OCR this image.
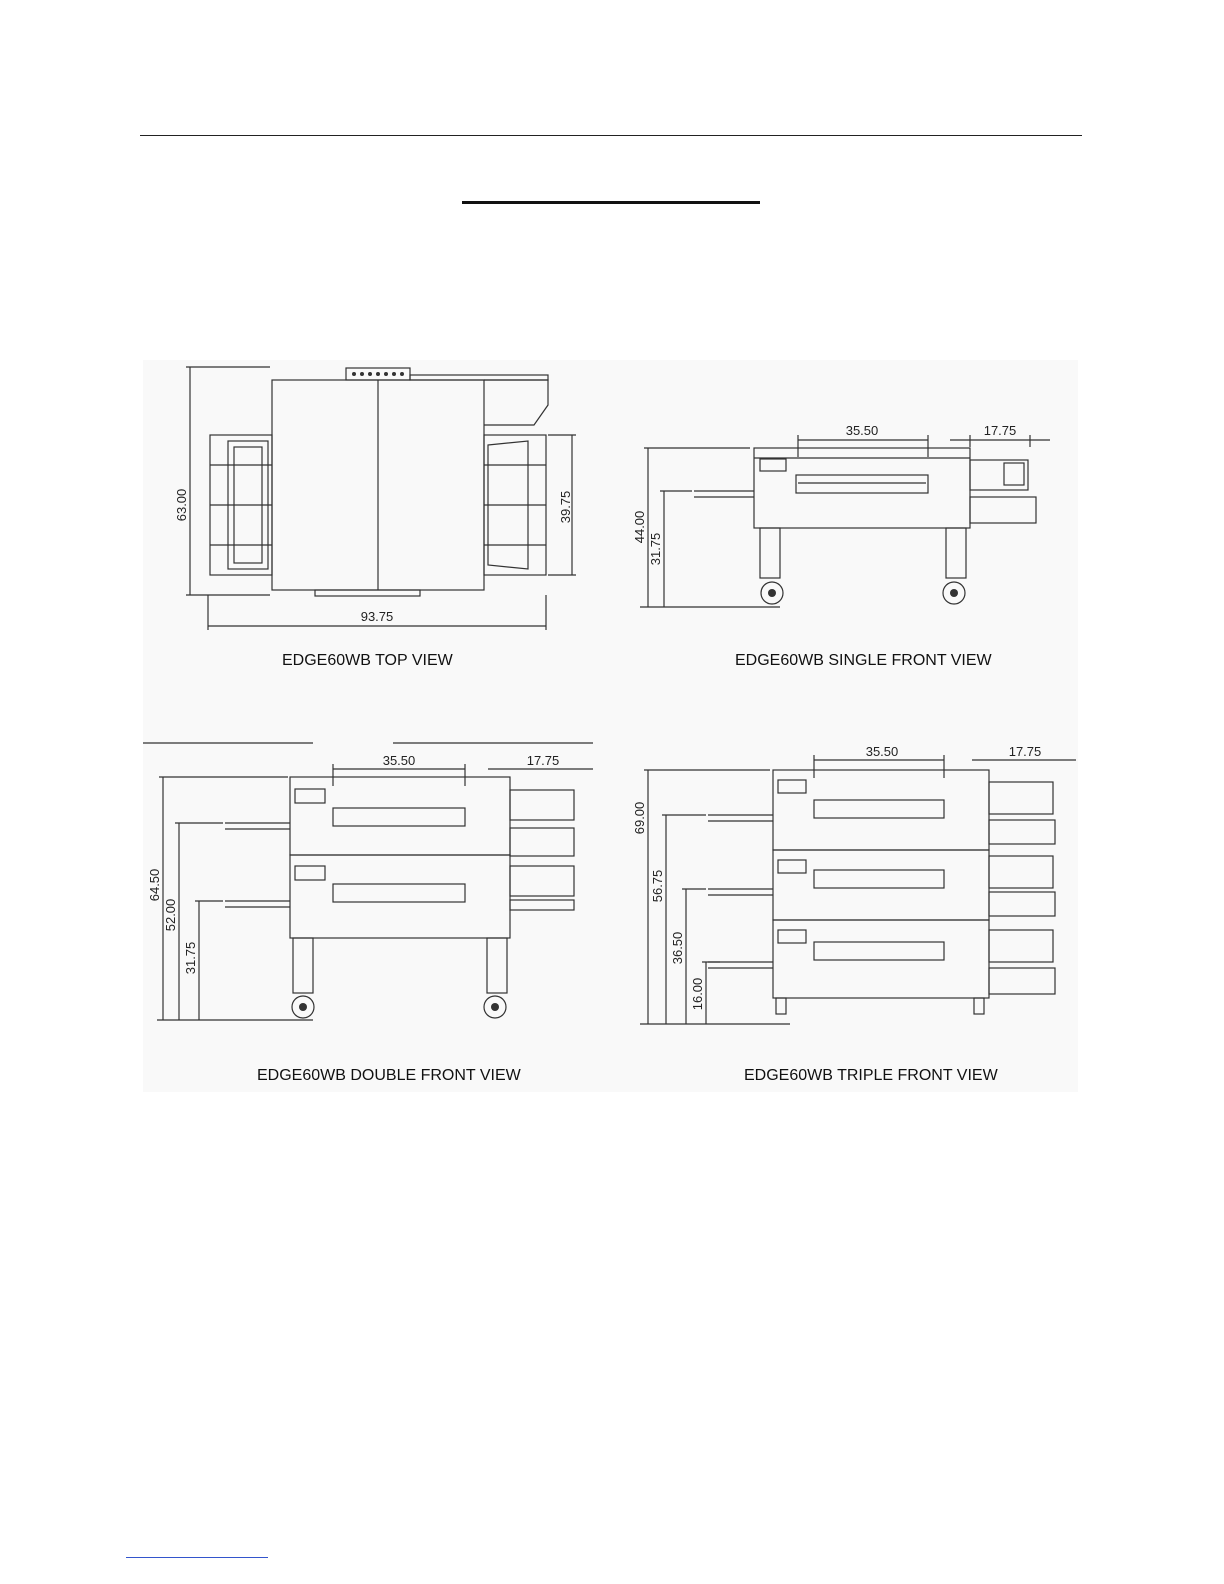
63.00	39.75
93.75
EDGE60WB TOP VIEW
35.50	17.75
44.00
31.75
EDGE60WB SINGLE FRONT VIEW
35.50	17.75
64.50
52.00
31.75
EDGE60WB DOUBLE FRONT VIEW
35.50	17.75
69.00
56.75
36.50
16.00
EDGE60WB TRIPLE FRONT VIEW
